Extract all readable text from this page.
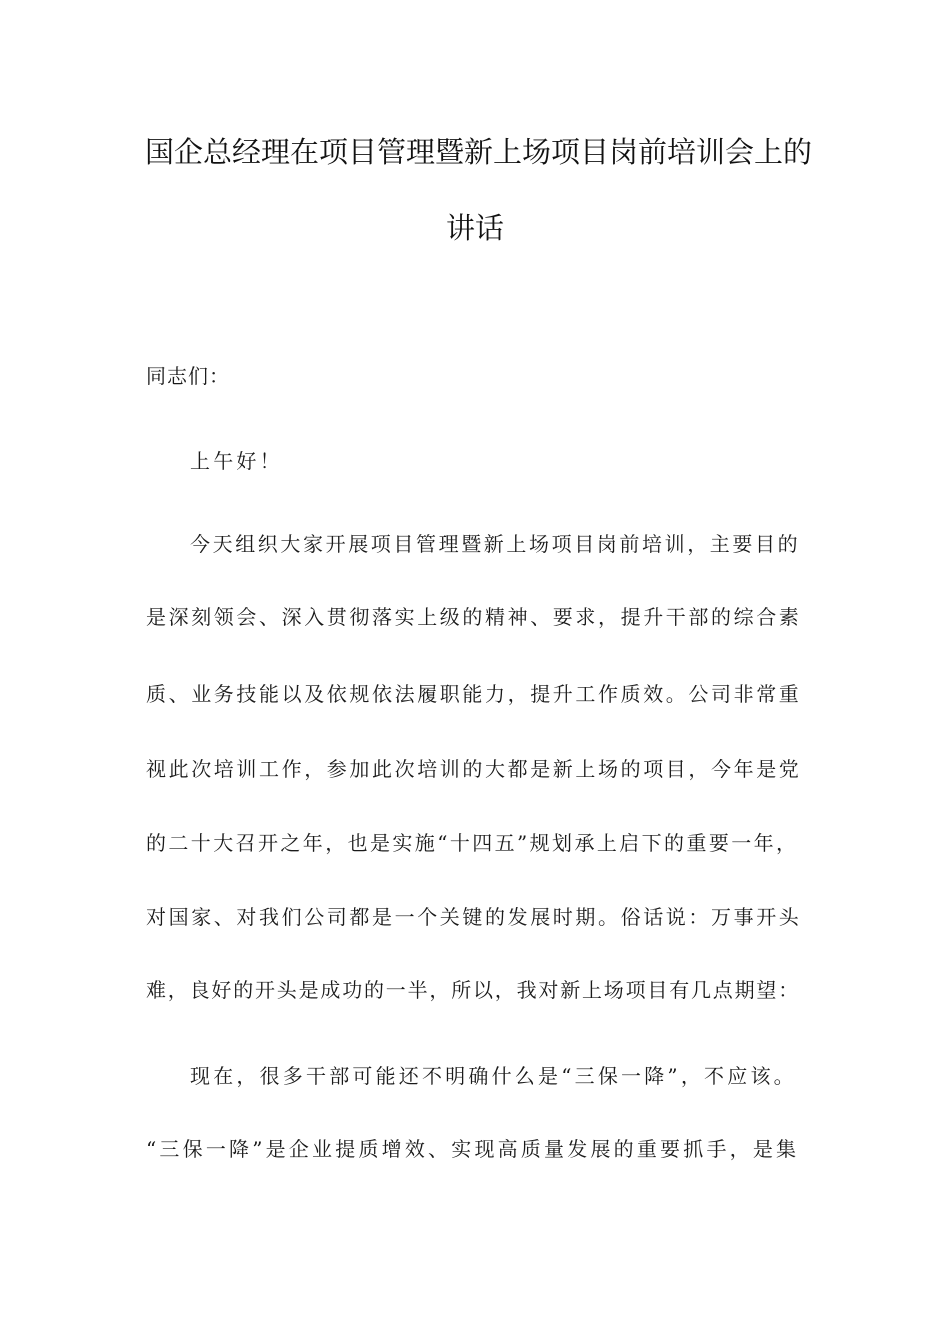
国企总经理在项目管理暨新上场项目岗前培训会上的
讲话
同志们：
上午好！
今天组织大家开展项目管理暨新上场项目岗前培训，主要目的
是深刻领会、深入贯彻落实上级的精神、要求，提升干部的综合素
质、业务技能以及依规依法履职能力，提升工作质效。公司非常重
视此次培训工作，参加此次培训的大都是新上场的项目，今年是党
的二十大召开之年，也是实施“十四五”规划承上启下的重要一年，
对国家、对我们公司都是一个关键的发展时期。俗话说：万事开头
难，良好的开头是成功的一半，所以，我对新上场项目有几点期望：
现在，很多干部可能还不明确什么是“三保一降”，不应该。
“三保一降”是企业提质增效、实现高质量发展的重要抓手，是集
